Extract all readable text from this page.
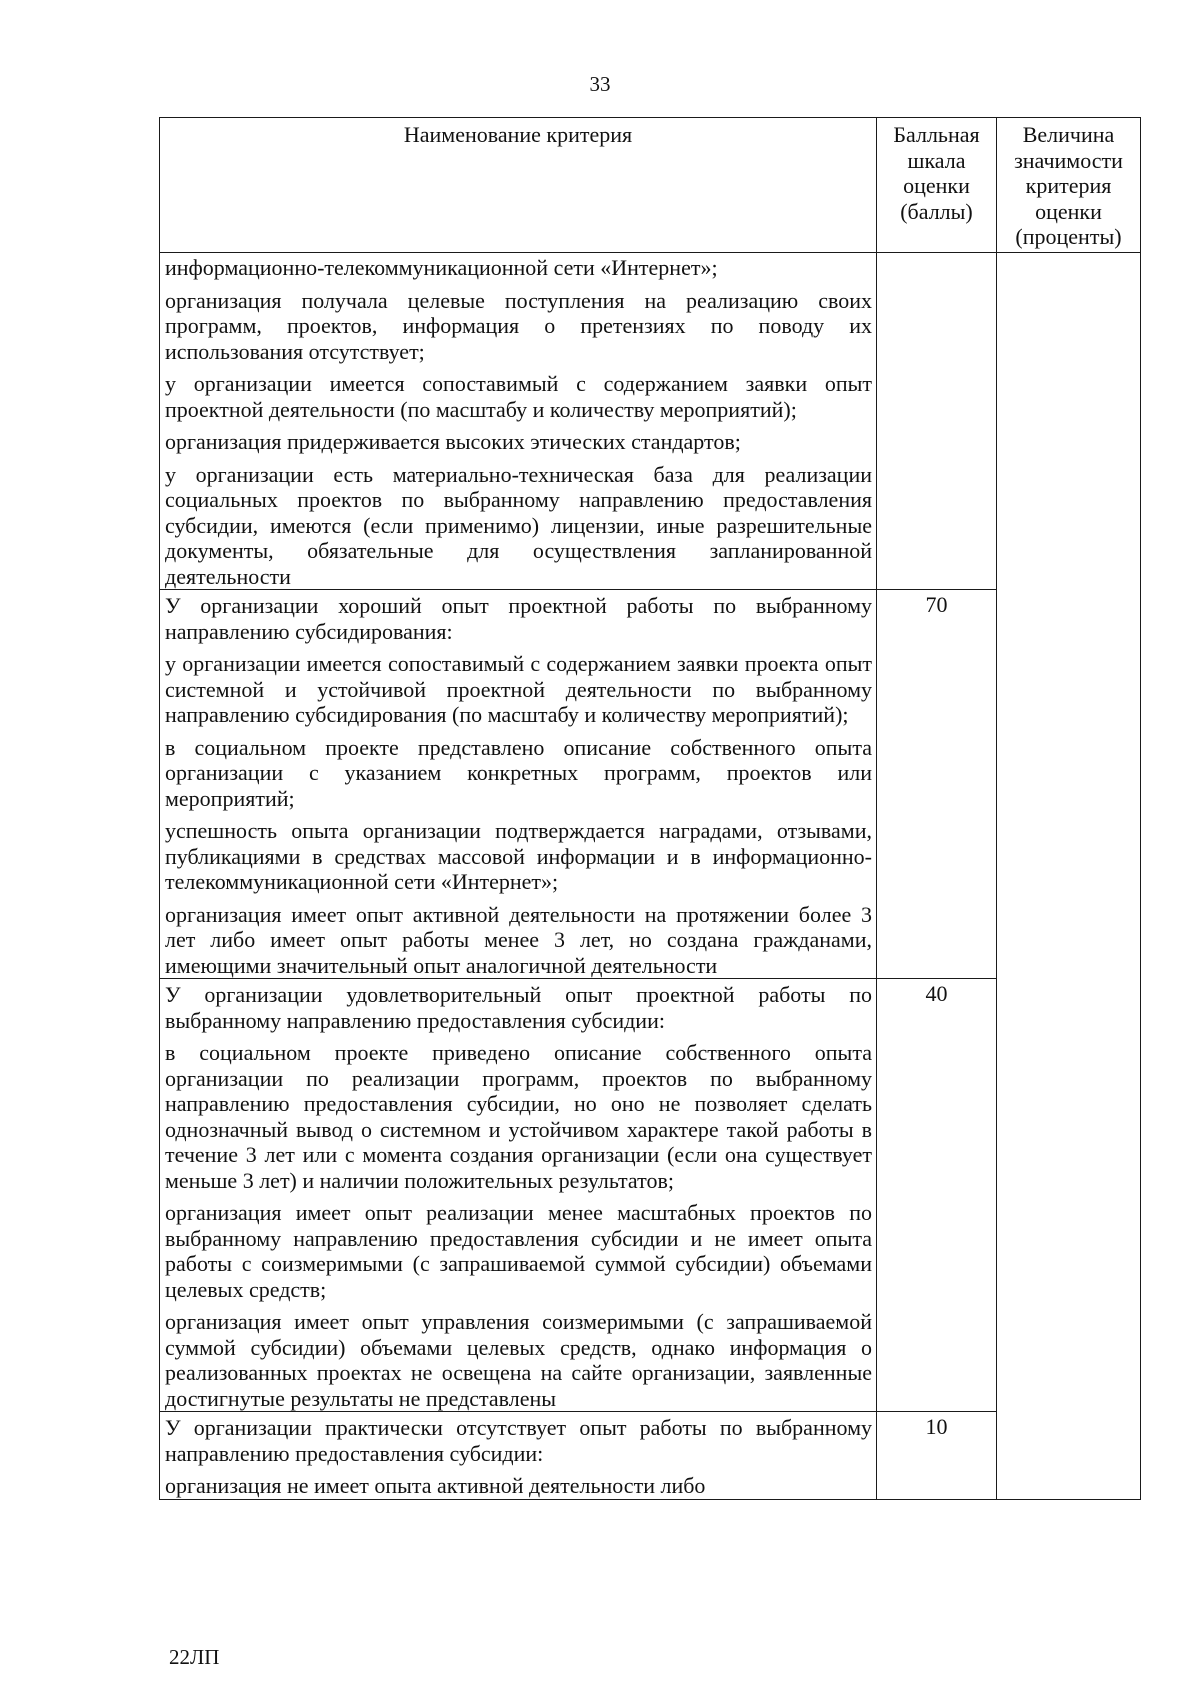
33
Наименование критерия	Балльная шкала оценки (баллы)	Величина значимости критерия оценки (проценты)

информационно-телекоммуникационной сети «Интернет»;

организация получала целевые поступления на реализацию своих программ, проектов, информация о претензиях по поводу их использования отсутствует;

у организации имеется сопоставимый с содержанием заявки опыт проектной деятельности (по масштабу и количеству мероприятий);

организация придерживается высоких этических стандартов;

у организации есть материально-техническая база для реализации социальных проектов по выбранному направлению предоставления субсидии, имеются (если применимо) лицензии, иные разрешительные документы, обязательные для осуществления запланированной деятельности		

У организации хороший опыт проектной работы по выбранному направлению субсидирования:

у организации имеется сопоставимый с содержанием заявки проекта опыт системной и устойчивой проектной деятельности по выбранному направлению субсидирования (по масштабу и количеству мероприятий);

в социальном проекте представлено описание собственного опыта организации с указанием конкретных программ, проектов или мероприятий;

успешность опыта организации подтверждается наградами, отзывами, публикациями в средствах массовой информации и в информационно-телекоммуникационной сети «Интернет»;

организация имеет опыт активной деятельности на протяжении более 3 лет либо имеет опыт работы менее 3 лет, но создана гражданами, имеющими значительный опыт аналогичной деятельности	70	

У организации удовлетворительный опыт проектной работы по выбранному направлению предоставления субсидии:

в социальном проекте приведено описание собственного опыта организации по реализации программ, проектов по выбранному направлению предоставления субсидии, но оно не позволяет сделать однозначный вывод о системном и устойчивом характере такой работы в течение 3 лет или с момента создания организации (если она существует меньше 3 лет) и наличии положительных результатов;

организация имеет опыт реализации менее масштабных проектов по выбранному направлению предоставления субсидии и не имеет опыта работы с соизмеримыми (с запрашиваемой суммой субсидии) объемами целевых средств;

организация имеет опыт управления соизмеримыми (с запрашиваемой суммой субсидии) объемами целевых средств, однако информация о реализованных проектах не освещена на сайте организации, заявленные достигнутые результаты не представлены	40	

У организации практически отсутствует опыт работы по выбранному направлению предоставления субсидии:

организация не имеет опыта активной деятельности либо	10	
22ЛП
